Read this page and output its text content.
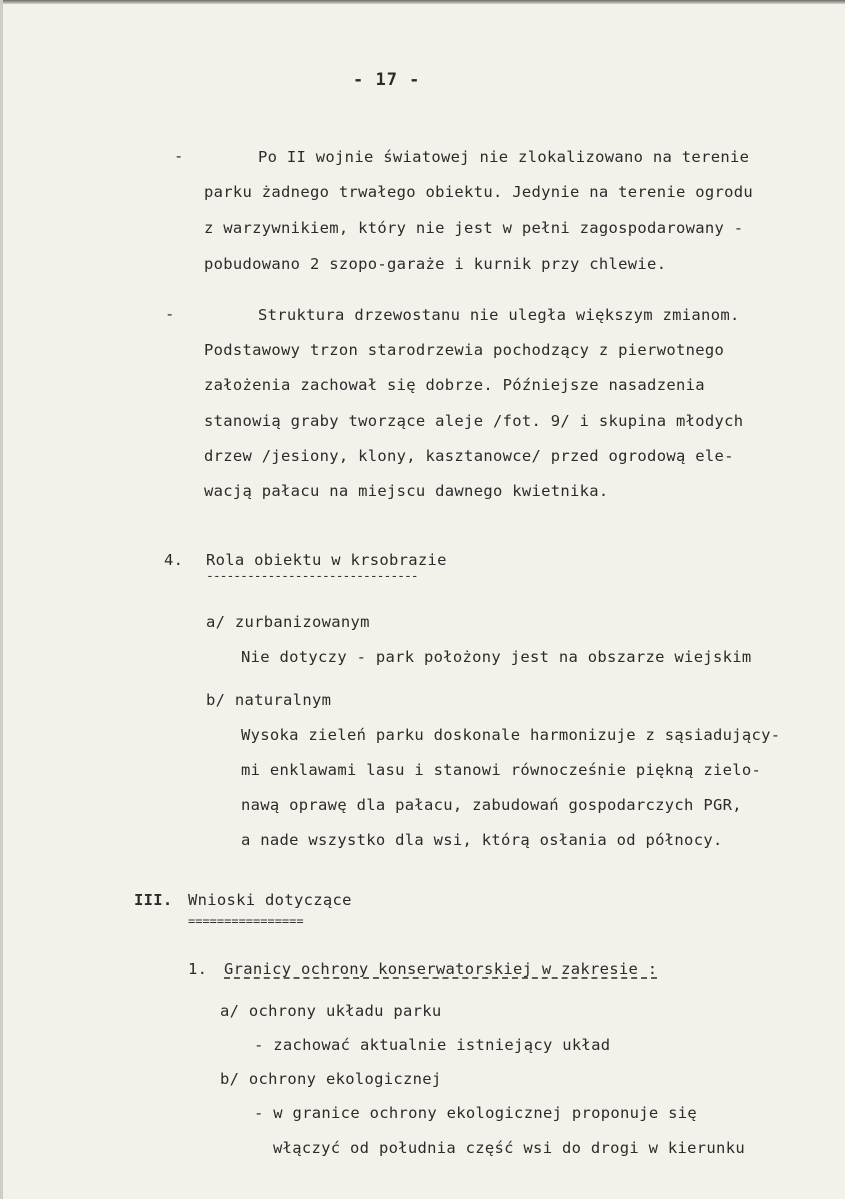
- 17 -
-	Po II wojnie światowej nie zlokalizowano na terenie
parku żadnego trwałego obiektu. Jedynie na terenie ogrodu
z warzywnikiem, który nie jest w pełni zagospodarowany -
pobudowano 2 szopo-garaże i kurnik przy chlewie.
-	Struktura drzewostanu nie uległa większym zmianom.
Podstawowy trzon starodrzewia pochodzący z pierwotnego
założenia zachował się dobrze. Późniejsze nasadzenia
stanowią graby tworzące aleje /fot. 9/ i skupina młodych
drzew /jesiony, klony, kasztanowce/ przed ogrodową ele-
wacją pałacu na miejscu dawnego kwietnika.
4. Rola obiektu w krsobrazie
-------------------------------
a/ zurbanizowanym
Nie dotyczy - park położony jest na obszarze wiejskim
b/ naturalnym
Wysoka zieleń parku doskonale harmonizuje z sąsiadujący-
mi enklawami lasu i stanowi równocześnie piękną zielo-
nawą oprawę dla pałacu, zabudowań gospodarczych PGR,
a nade wszystko dla wsi, którą osłania od północy.
III. Wnioski dotyczące
================
1. Granicy ochrony konserwatorskiej w zakresie :
a/ ochrony układu parku
- zachować aktualnie istniejący układ
b/ ochrony ekologicznej
- w granice ochrony ekologicznej proponuje się
włączyć od południa część wsi do drogi w kierunku
